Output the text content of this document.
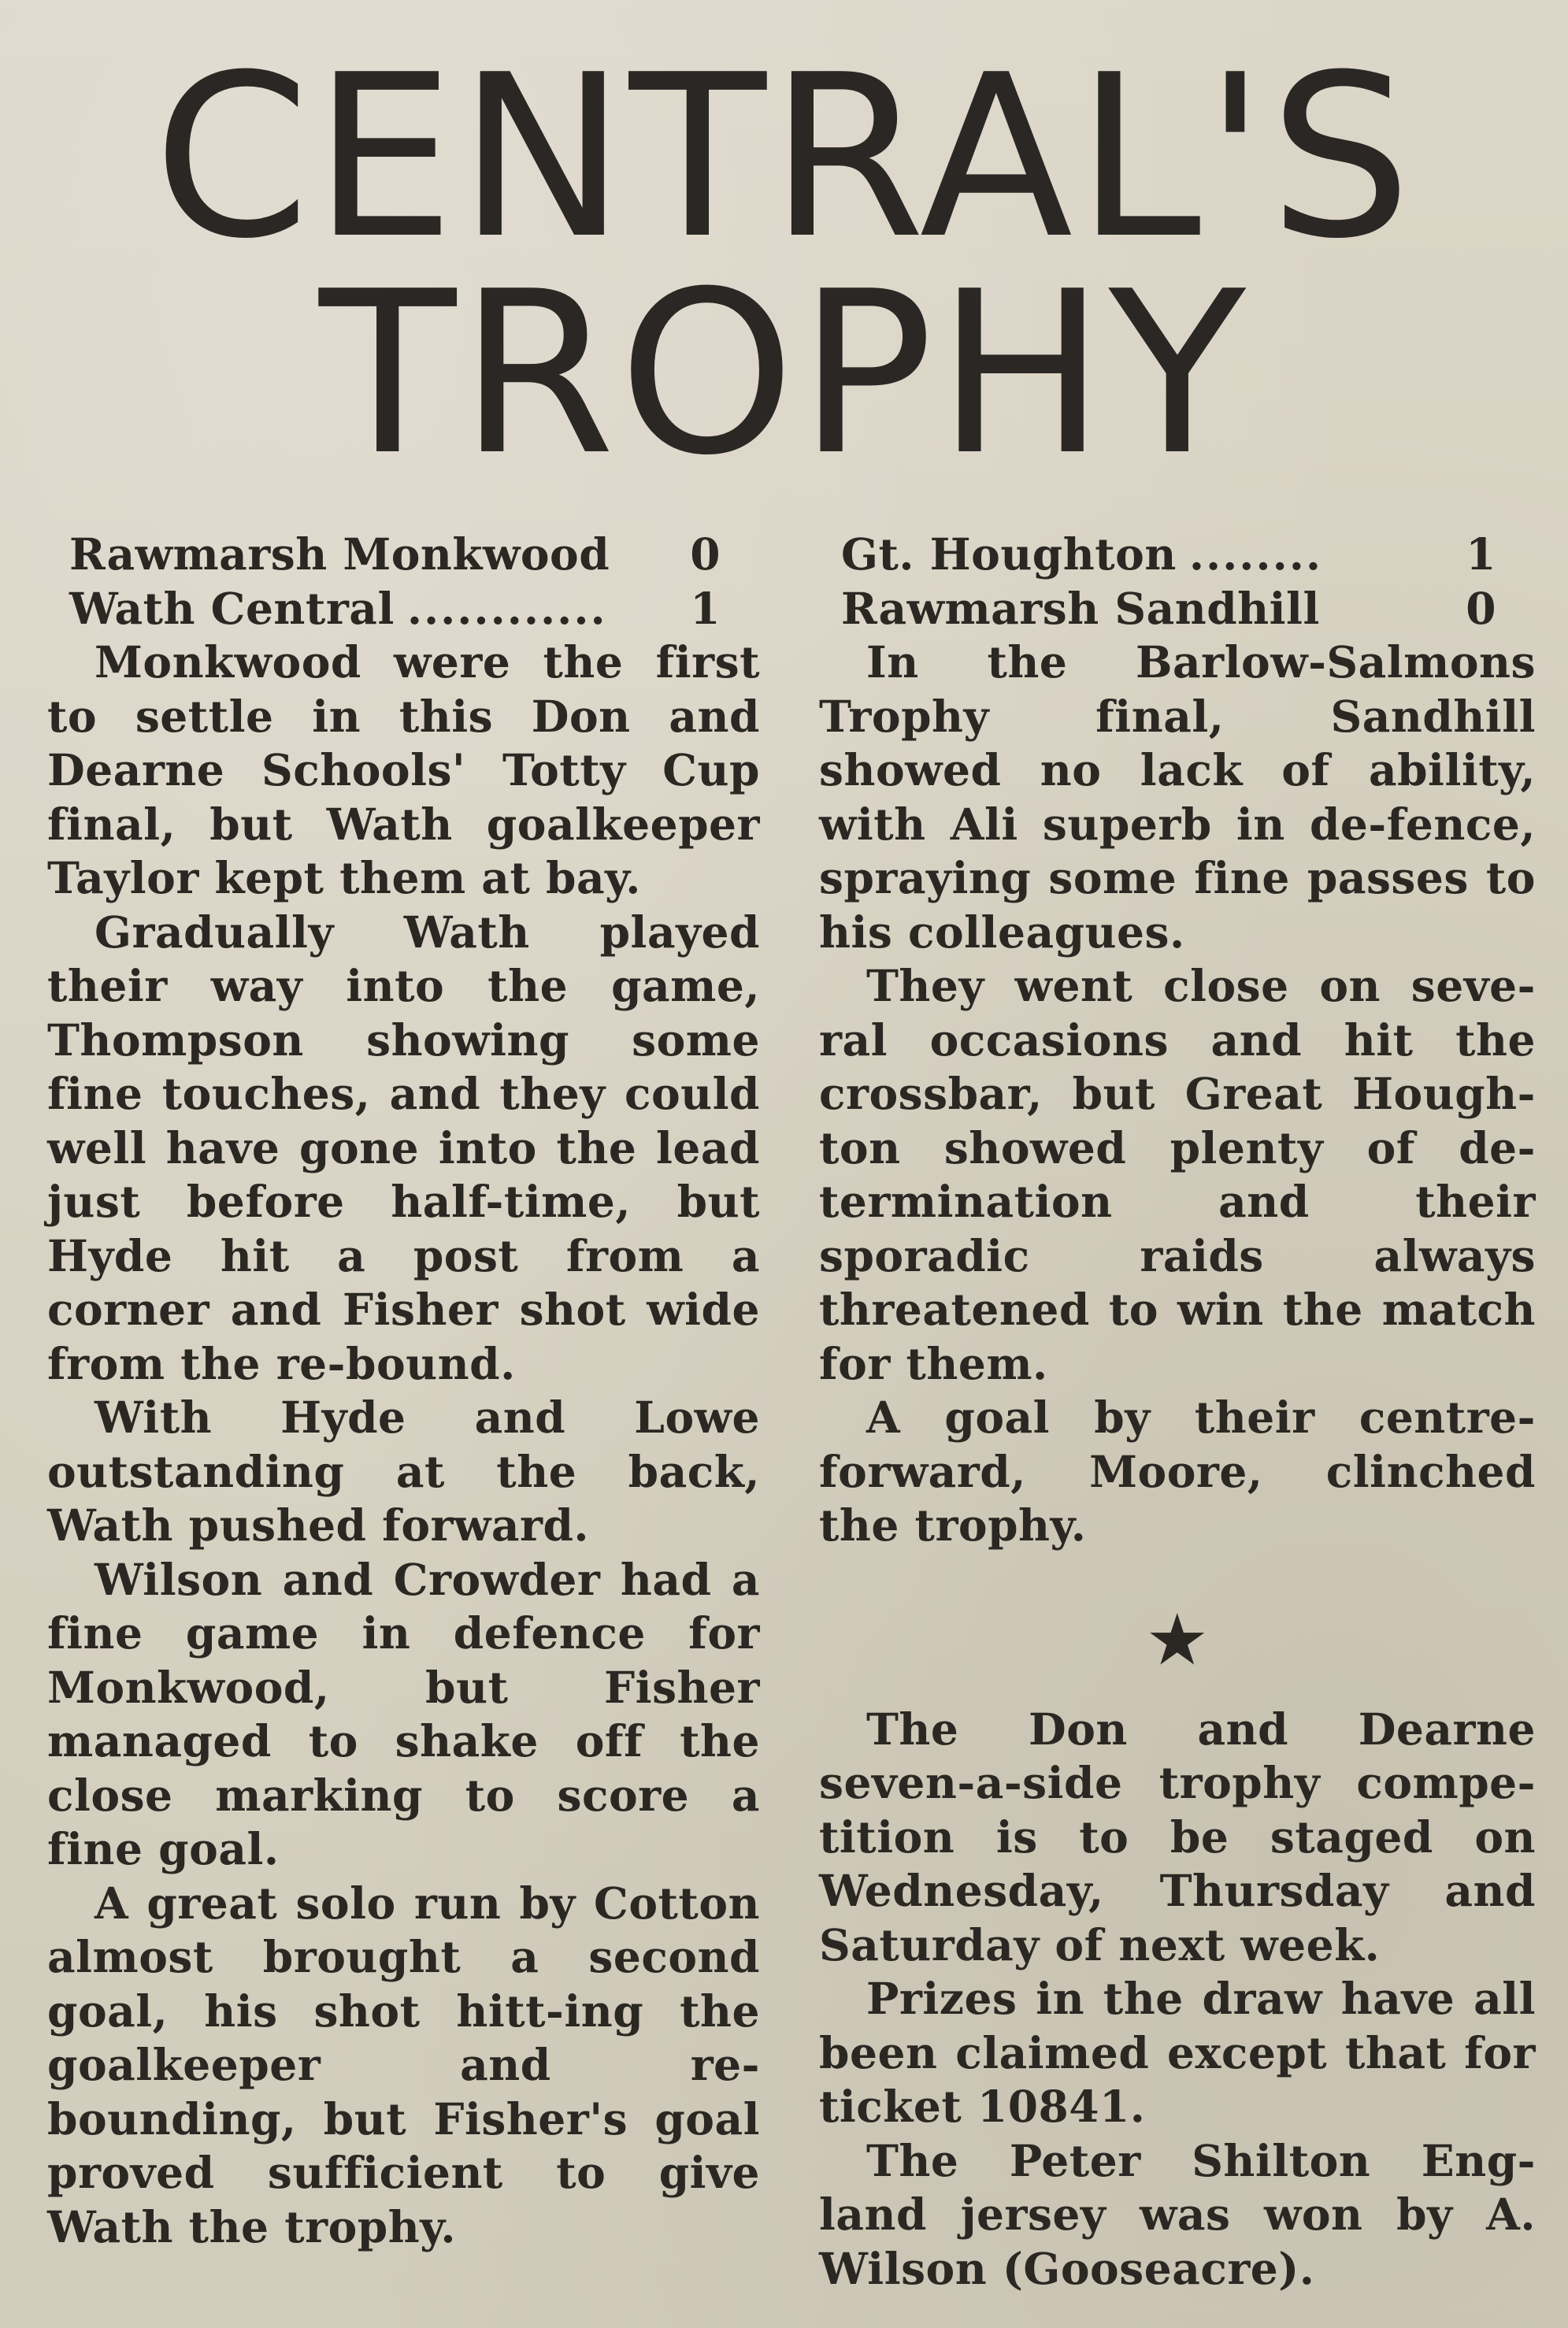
CENTRAL'S
TROPHY
Rawmarsh Monkwood 0
Wath Central ............	1

Monkwood were the first to settle in this Don and Dearne Schools' Totty Cup final, but Wath goalkeeper Taylor kept them at bay.

Gradually Wath played their way into the game, Thompson showing some fine touches, and they could well have gone into the lead just before half-time, but Hyde hit a post from a corner and Fisher shot wide from the re-bound.

With Hyde and Lowe outstanding at the back, Wath pushed forward.

Wilson and Crowder had a fine game in defence for Monkwood, but Fisher managed to shake off the close marking to score a fine goal.

A great solo run by Cotton almost brought a second goal, his shot hitt-ing the goalkeeper and re-bounding, but Fisher's goal proved sufficient to give Wath the trophy.

Gt. Houghton ........	1
Rawmarsh Sandhill	0

In the Barlow-Salmons Trophy final, Sandhill showed no lack of ability, with Ali superb in de-fence, spraying some fine passes to his colleagues.

They went close on seve-ral occasions and hit the crossbar, but Great Hough-ton showed plenty of de-termination and their sporadic raids always threatened to win the match for them.

A goal by their centre-forward, Moore, clinched the trophy.

★

The Don and Dearne seven-a-side trophy compe-tition is to be staged on Wednesday, Thursday and Saturday of next week.

Prizes in the draw have all been claimed except that for ticket 10841.

The Peter Shilton Eng-land jersey was won by A. Wilson (Gooseacre).
